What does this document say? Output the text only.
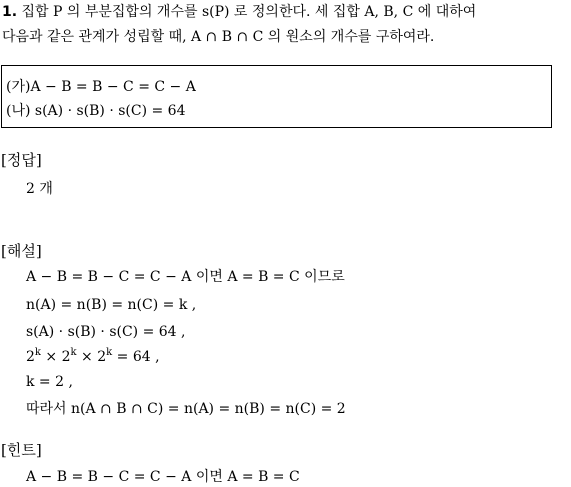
1. 집합 P 의 부분집합의 개수를 s(P) 로 정의한다. 세 집합 A, B, C 에 대하여
다음과 같은 관계가 성립할 때, A ∩ B ∩ C 의 원소의 개수를 구하여라.
(가)A − B = B − C = C − A
(나) s(A) · s(B) · s(C) = 64
[정답]
2 개
[해설]
A − B = B − C = C − A 이면 A = B = C 이므로
n(A) = n(B) = n(C) = k ,
s(A) · s(B) · s(C) = 64 ,
$2^k \times 2^k \times 2^k = 64$ ,
k = 2 ,
따라서 n(A ∩ B ∩ C) = n(A) = n(B) = n(C) = 2
[힌트]
A − B = B − C = C − A 이면 A = B = C
